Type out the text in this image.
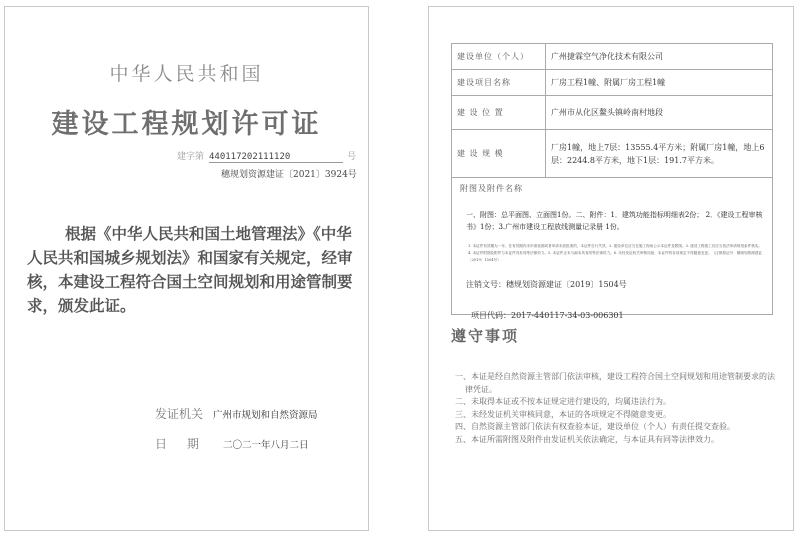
中华人民共和国
建设工程规划许可证
建字第 440117202111120	号
穗规划资源建证〔2021〕3924号
根据《中华人民共和国土地管理法》《中华人民共和国城乡规划法》和国家有关规定，经审核，本建设工程符合国土空间规划和用途管制要求，颁发此证。
发证机关 广州市规划和自然资源局
日期 二〇二一年八月二日
建设单位（个人）	广州捷霖空气净化技术有限公司
建设项目名称	厂房工程1幢、附属厂房工程1幢
建 设 位 置	广州市从化区鳌头镇岭南村地段
建 设 规 模	厂房1幢，地上7层：13555.4平方米；附属厂房1幢，地上6层：2244.8平方米，地下1层：191.7平方米。
附图及附件名称
一、附图：总平面图、立面图1份。二、附件：1．建筑功能指标明细表2份； 2．《建设工程审核书》1份；3.广州市建设工程放线测量记录册 1份。
1. 本证件有效期为一年，在有效期内未申请延期或者申请未获批准的，本证件自行失效。2. 建设单位应当在施工现场公示本证件及附图。3. 建设工程竣工后应当依法申请规划条件核实。4. 本证件附图及附件与本证件具有同等法律效力。5. 本证件正本与副本具有同等法律效力。6. 未经发证机关审核同意，本证件的各项规定不得随意变更。（注销原证号：穗规划资源建证〔2019〕1504号）
注销文号：穗规划资源建证〔2019〕1504号
项目代码：2017-440117-34-03-006301
遵守事项
一、本证是经自然资源主管部门依法审核，建设工程符合国土空间规划和用途管制要求的法律凭证。
二、未取得本证或不按本证规定进行建设的，均属违法行为。
三、未经发证机关审核同意，本证的各项规定不得随意变更。
四、自然资源主管部门依法有权查验本证，建设单位（个人）有责任提交查验。
五、本证所需附图及附件由发证机关依法确定，与本证具有同等法律效力。
